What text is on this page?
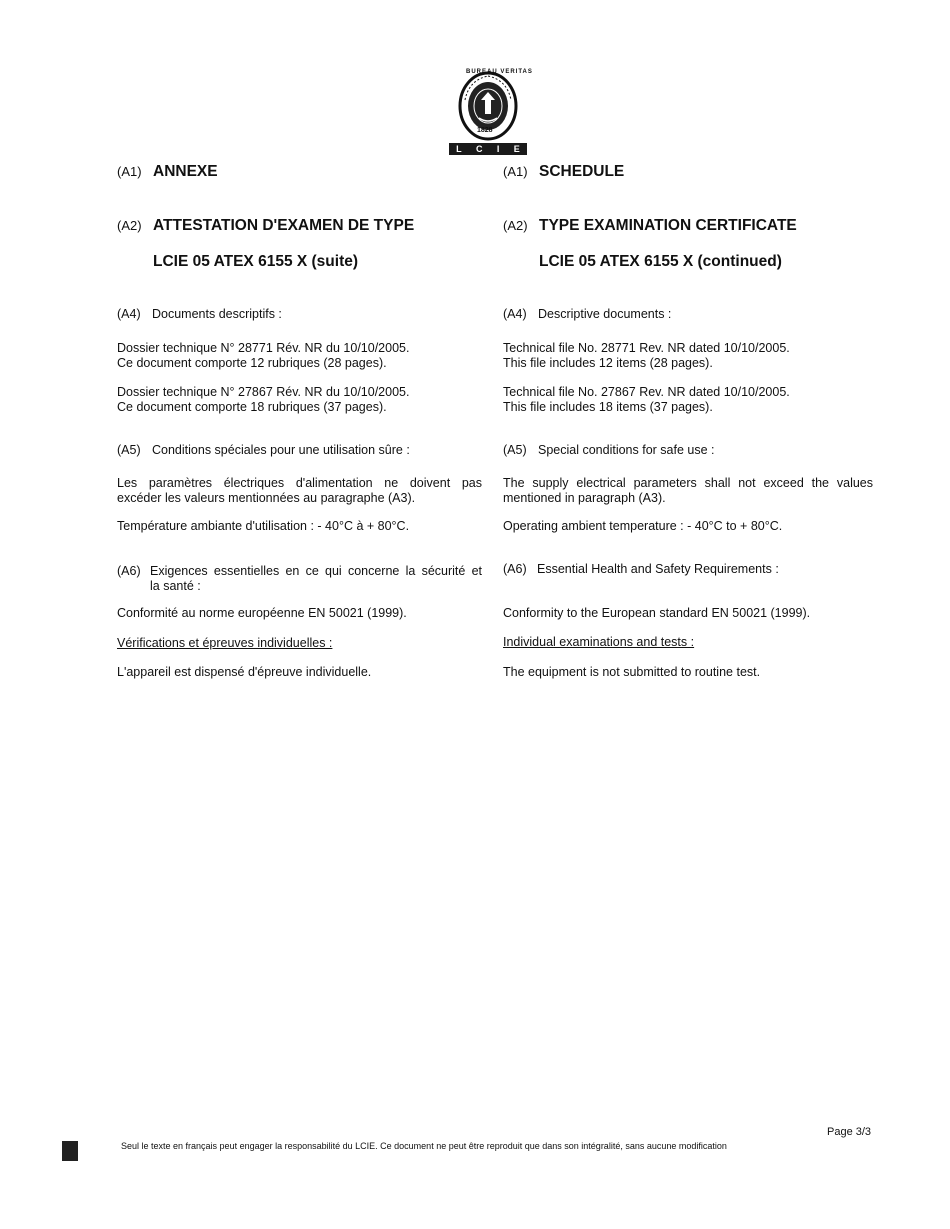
BUREAU VERITAS
1828
L C I E
(A1) ANNEXE
(A2) ATTESTATION D'EXAMEN DE TYPE
LCIE 05 ATEX 6155 X (suite)
(A4) Documents descriptifs :
Dossier technique N° 28771 Rév. NR du 10/10/2005.
Ce document comporte 12 rubriques (28 pages).
Dossier technique N° 27867 Rév. NR du 10/10/2005.
Ce document comporte 18 rubriques (37 pages).
(A5) Conditions spéciales pour une utilisation sûre :
Les paramètres électriques d'alimentation ne doivent pas
excéder les valeurs mentionnées au paragraphe (A3).
Température ambiante d'utilisation : - 40°C à + 80°C.
(A6) Exigences essentielles en ce qui concerne la sécurité et
la santé :
Conformité au norme européenne EN 50021 (1999).
Vérifications et épreuves individuelles :
L'appareil est dispensé d'épreuve individuelle.
(A1) SCHEDULE
(A2) TYPE EXAMINATION CERTIFICATE
LCIE 05 ATEX 6155 X (continued)
(A4) Descriptive documents :
Technical file No. 28771 Rev. NR dated 10/10/2005.
This file includes 12 items (28 pages).
Technical file No. 27867 Rev. NR dated 10/10/2005.
This file includes 18 items (37 pages).
(A5) Special conditions for safe use :
The supply electrical parameters shall not exceed the values
mentioned in paragraph (A3).
Operating ambient temperature : - 40°C to + 80°C.
(A6) Essential Health and Safety Requirements :
Conformity to the European standard EN 50021 (1999).
Individual examinations and tests :
The equipment is not submitted to routine test.
Page 3/3
Seul le texte en français peut engager la responsabilité du LCIE. Ce document ne peut être reproduit que dans son intégralité, sans aucune modification
